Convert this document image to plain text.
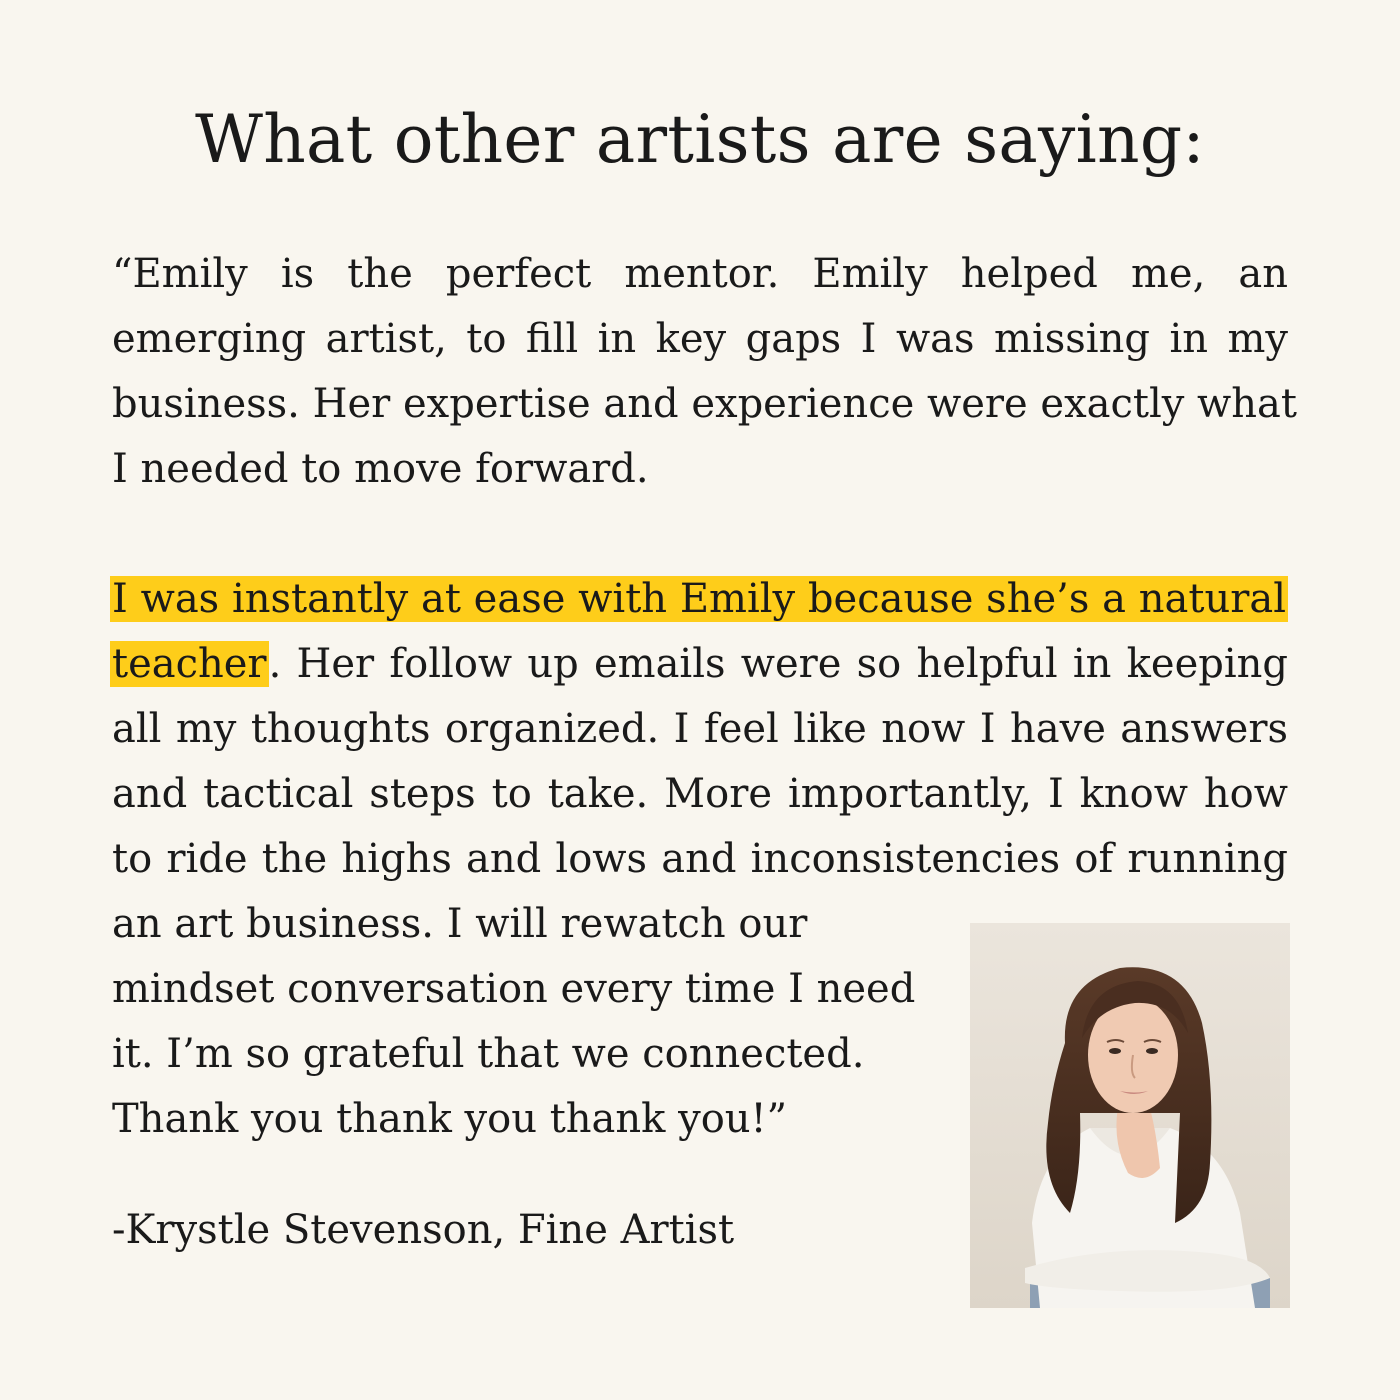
What other artists are saying:
“Emily is the perfect mentor. Emily helped me, an
emerging artist, to fill in key gaps I was missing in my
business. Her expertise and experience were exactly what
I needed to move forward.
I was instantly at ease with Emily because she’s a natural
teacher. Her follow up emails were so helpful in keeping
all my thoughts organized. I feel like now I have answers
and tactical steps to take. More importantly, I know how
to ride the highs and lows and inconsistencies of running
an art business. I will rewatch our
mindset conversation every time I need
it. I’m so grateful that we connected.
Thank you thank you thank you!”
-Krystle Stevenson, Fine Artist
